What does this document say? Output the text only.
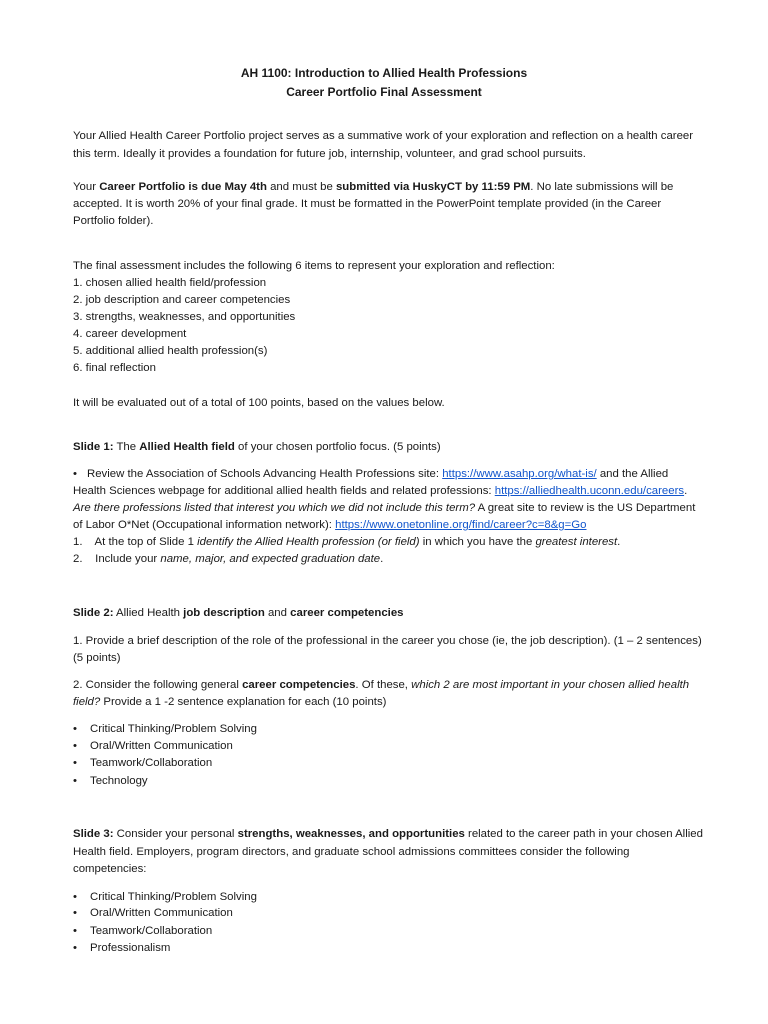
AH 1100: Introduction to Allied Health Professions
Career Portfolio Final Assessment
Your Allied Health Career Portfolio project serves as a summative work of your exploration and reflection on a health career
this term. Ideally it provides a foundation for future job, internship, volunteer, and grad school pursuits.
Your Career Portfolio is due May 4th and must be submitted via HuskyCT by 11:59 PM. No late submissions will be
accepted. It is worth 20% of your final grade. It must be formatted in the PowerPoint template provided (in the Career
Portfolio folder).
The final assessment includes the following 6 items to represent your exploration and reflection:
1. chosen allied health field/profession
2. job description and career competencies
3. strengths, weaknesses, and opportunities
4. career development
5. additional allied health profession(s)
6. final reflection
It will be evaluated out of a total of 100 points, based on the values below.
Slide 1: The Allied Health field of your chosen portfolio focus. (5 points)
• Review the Association of Schools Advancing Health Professions site: https://www.asahp.org/what-is/ and the Allied
Health Sciences webpage for additional allied health fields and related professions: https://alliedhealth.uconn.edu/careers.
Are there professions listed that interest you which we did not include this term? A great site to review is the US Department
of Labor O*Net (Occupational information network): https://www.onetonline.org/find/career?c=8&g=Go
1.    At the top of Slide 1 identify the Allied Health profession (or field) in which you have the greatest interest.
2.    Include your name, major, and expected graduation date.
Slide 2: Allied Health job description and career competencies
1. Provide a brief description of the role of the professional in the career you chose (ie, the job description). (1 – 2 sentences)
(5 points)
2. Consider the following general career competencies. Of these, which 2 are most important in your chosen allied health
field? Provide a 1 -2 sentence explanation for each (10 points)
•	Critical Thinking/Problem Solving
•	Oral/Written Communication
•	Teamwork/Collaboration
•	Technology
Slide 3: Consider your personal strengths, weaknesses, and opportunities related to the career path in your chosen Allied
Health field. Employers, program directors, and graduate school admissions committees consider the following
competencies:
•	Critical Thinking/Problem Solving
•	Oral/Written Communication
•	Teamwork/Collaboration
•	Professionalism
